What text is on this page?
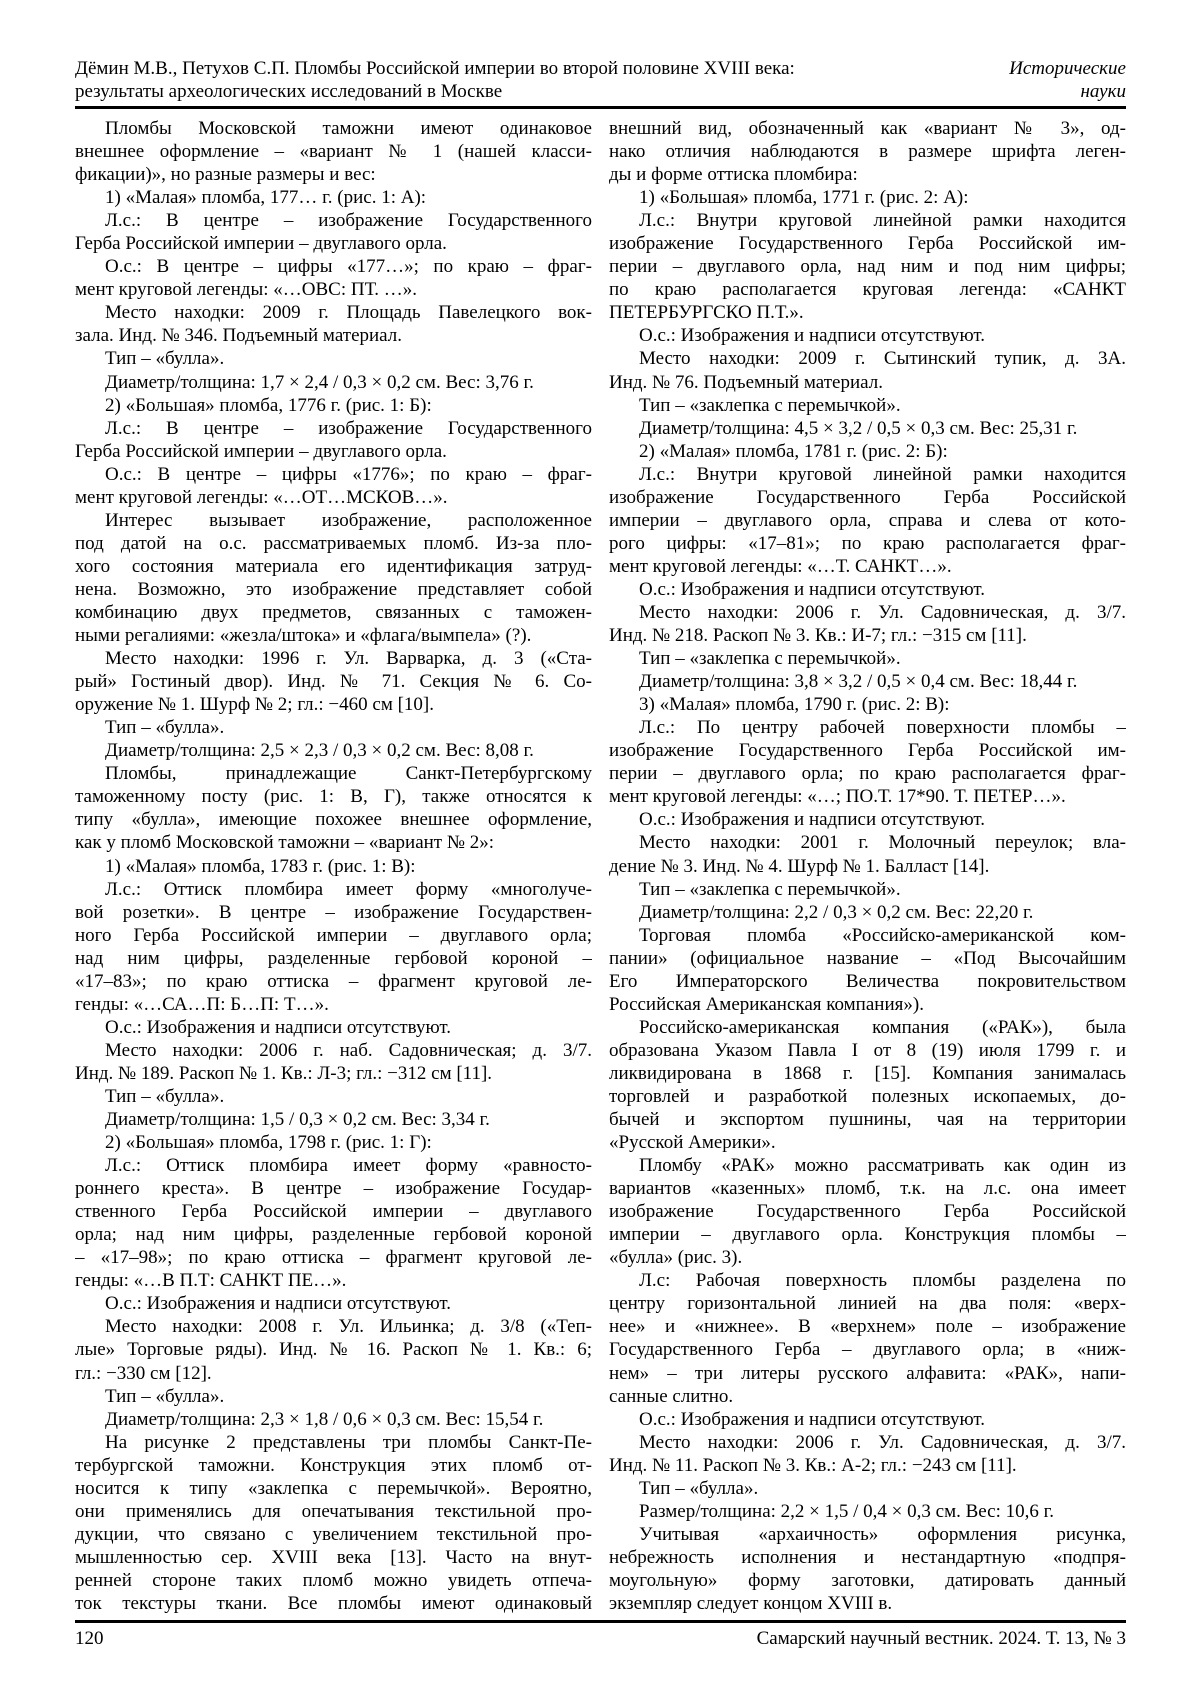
Дёмин М.В., Петухов С.П. Пломбы Российской империи во второй половине XVIII века:
результаты археологических исследований в Москве
Исторические
науки
Пломбы Московской таможни имеют одинаковое
внешнее оформление – «вариант № 1 (нашей класси-
фикации)», но разные размеры и вес:
1) «Малая» пломба, 177… г. (рис. 1: А):
Л.с.: В центре – изображение Государственного
Герба Российской империи – двуглавого орла.
О.с.: В центре – цифры «177…»; по краю – фраг-
мент круговой легенды: «…ОВС: ПТ. …».
Место находки: 2009 г. Площадь Павелецкого вок-
зала. Инд. № 346. Подъемный материал.
Тип – «булла».
Диаметр/толщина: 1,7 × 2,4 / 0,3 × 0,2 см. Вес: 3,76 г.
2) «Большая» пломба, 1776 г. (рис. 1: Б):
Л.с.: В центре – изображение Государственного
Герба Российской империи – двуглавого орла.
О.с.: В центре – цифры «1776»; по краю – фраг-
мент круговой легенды: «…ОТ…МСКОВ…».
Интерес вызывает изображение, расположенное
под датой на о.с. рассматриваемых пломб. Из-за пло-
хого состояния материала его идентификация затруд-
нена. Возможно, это изображение представляет собой
комбинацию двух предметов, связанных с таможен-
ными регалиями: «жезла/штока» и «флага/вымпела» (?).
Место находки: 1996 г. Ул. Варварка, д. 3 («Ста-
рый» Гостиный двор). Инд. № 71. Секция № 6. Со-
оружение № 1. Шурф № 2; гл.: −460 см [10].
Тип – «булла».
Диаметр/толщина: 2,5 × 2,3 / 0,3 × 0,2 см. Вес: 8,08 г.
Пломбы, принадлежащие Санкт-Петербургскому
таможенному посту (рис. 1: В, Г), также относятся к
типу «булла», имеющие похожее внешнее оформление,
как у пломб Московской таможни – «вариант № 2»:
1) «Малая» пломба, 1783 г. (рис. 1: В):
Л.с.: Оттиск пломбира имеет форму «многолуче-
вой розетки». В центре – изображение Государствен-
ного Герба Российской империи – двуглавого орла;
над ним цифры, разделенные гербовой короной –
«17–83»; по краю оттиска – фрагмент круговой ле-
генды: «…СА…П: Б…П: Т…».
О.с.: Изображения и надписи отсутствуют.
Место находки: 2006 г. наб. Садовническая; д. 3/7.
Инд. № 189. Раскоп № 1. Кв.: Л-3; гл.: −312 см [11].
Тип – «булла».
Диаметр/толщина: 1,5 / 0,3 × 0,2 см. Вес: 3,34 г.
2) «Большая» пломба, 1798 г. (рис. 1: Г):
Л.с.: Оттиск пломбира имеет форму «равносто-
роннего креста». В центре – изображение Государ-
ственного Герба Российской империи – двуглавого
орла; над ним цифры, разделенные гербовой короной
– «17–98»; по краю оттиска – фрагмент круговой ле-
генды: «…В П.Т: САНКТ ПЕ…».
О.с.: Изображения и надписи отсутствуют.
Место находки: 2008 г. Ул. Ильинка; д. 3/8 («Теп-
лые» Торговые ряды). Инд. № 16. Раскоп № 1. Кв.: 6;
гл.: −330 см [12].
Тип – «булла».
Диаметр/толщина: 2,3 × 1,8 / 0,6 × 0,3 см. Вес: 15,54 г.
На рисунке 2 представлены три пломбы Санкт-Пе-
тербургской таможни. Конструкция этих пломб от-
носится к типу «заклепка с перемычкой». Вероятно,
они применялись для опечатывания текстильной про-
дукции, что связано с увеличением текстильной про-
мышленностью сер. XVIII века [13]. Часто на внут-
ренней стороне таких пломб можно увидеть отпеча-
ток текстуры ткани. Все пломбы имеют одинаковый
внешний вид, обозначенный как «вариант № 3», од-
нако отличия наблюдаются в размере шрифта леген-
ды и форме оттиска пломбира:
1) «Большая» пломба, 1771 г. (рис. 2: А):
Л.с.: Внутри круговой линейной рамки находится
изображение Государственного Герба Российской им-
перии – двуглавого орла, над ним и под ним цифры;
по краю располагается круговая легенда: «САНКТ
ПЕТЕРБУРГСКО П.Т.».
О.с.: Изображения и надписи отсутствуют.
Место находки: 2009 г. Сытинский тупик, д. 3А.
Инд. № 76. Подъемный материал.
Тип – «заклепка с перемычкой».
Диаметр/толщина: 4,5 × 3,2 / 0,5 × 0,3 см. Вес: 25,31 г.
2) «Малая» пломба, 1781 г. (рис. 2: Б):
Л.с.: Внутри круговой линейной рамки находится
изображение Государственного Герба Российской
империи – двуглавого орла, справа и слева от кото-
рого цифры: «17–81»; по краю располагается фраг-
мент круговой легенды: «…Т. САНКТ…».
О.с.: Изображения и надписи отсутствуют.
Место находки: 2006 г. Ул. Садовническая, д. 3/7.
Инд. № 218. Раскоп № 3. Кв.: И-7; гл.: −315 см [11].
Тип – «заклепка с перемычкой».
Диаметр/толщина: 3,8 × 3,2 / 0,5 × 0,4 см. Вес: 18,44 г.
3) «Малая» пломба, 1790 г. (рис. 2: В):
Л.с.: По центру рабочей поверхности пломбы –
изображение Государственного Герба Российской им-
перии – двуглавого орла; по краю располагается фраг-
мент круговой легенды: «…; ПО.Т. 17*90. Т. ПЕТЕР…».
О.с.: Изображения и надписи отсутствуют.
Место находки: 2001 г. Молочный переулок; вла-
дение № 3. Инд. № 4. Шурф № 1. Балласт [14].
Тип – «заклепка с перемычкой».
Диаметр/толщина: 2,2 / 0,3 × 0,2 см. Вес: 22,20 г.
Торговая пломба «Российско-американской ком-
пании» (официальное название – «Под Высочайшим
Его Императорского Величества покровительством
Российская Американская компания»).
Российско-американская компания («РАК»), была
образована Указом Павла I от 8 (19) июля 1799 г. и
ликвидирована в 1868 г. [15]. Компания занималась
торговлей и разработкой полезных ископаемых, до-
бычей и экспортом пушнины, чая на территории
«Русской Америки».
Пломбу «РАК» можно рассматривать как один из
вариантов «казенных» пломб, т.к. на л.с. она имеет
изображение Государственного Герба Российской
империи – двуглавого орла. Конструкция пломбы –
«булла» (рис. 3).
Л.с: Рабочая поверхность пломбы разделена по
центру горизонтальной линией на два поля: «верх-
нее» и «нижнее». В «верхнем» поле – изображение
Государственного Герба – двуглавого орла; в «ниж-
нем» – три литеры русского алфавита: «РАК», напи-
санные слитно.
О.с.: Изображения и надписи отсутствуют.
Место находки: 2006 г. Ул. Садовническая, д. 3/7.
Инд. № 11. Раскоп № 3. Кв.: А-2; гл.: −243 см [11].
Тип – «булла».
Размер/толщина: 2,2 × 1,5 / 0,4 × 0,3 см. Вес: 10,6 г.
Учитывая «архаичность» оформления рисунка,
небрежность исполнения и нестандартную «подпря-
моугольную» форму заготовки, датировать данный
экземпляр следует концом XVIII в.
120	Самарский научный вестник. 2024. Т. 13, № 3
